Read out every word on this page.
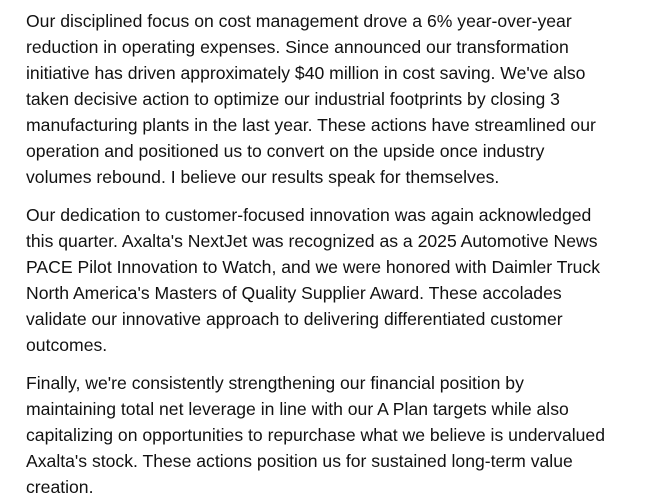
Our disciplined focus on cost management drove a 6% year-over-year
reduction in operating expenses. Since announced our transformation
initiative has driven approximately $40 million in cost saving. We've also
taken decisive action to optimize our industrial footprints by closing 3
manufacturing plants in the last year. These actions have streamlined our
operation and positioned us to convert on the upside once industry
volumes rebound. I believe our results speak for themselves.

Our dedication to customer-focused innovation was again acknowledged
this quarter. Axalta's NextJet was recognized as a 2025 Automotive News
PACE Pilot Innovation to Watch, and we were honored with Daimler Truck
North America's Masters of Quality Supplier Award. These accolades
validate our innovative approach to delivering differentiated customer
outcomes.

Finally, we're consistently strengthening our financial position by
maintaining total net leverage in line with our A Plan targets while also
capitalizing on opportunities to repurchase what we believe is undervalued
Axalta's stock. These actions position us for sustained long-term value
creation.
